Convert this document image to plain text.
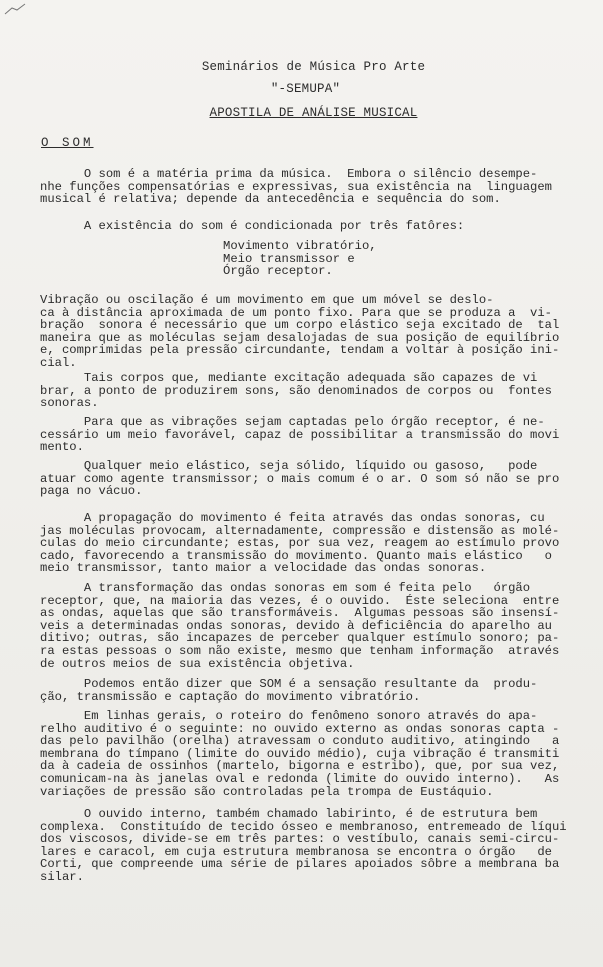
Seminários de Música Pro Arte
"-SEMUPA"
APOSTILA DE ANÁLISE MUSICAL
O SOM
O som é a matéria prima da música.  Embora o silêncio desempe-
nhe funções compensatórias e expressivas, sua existência na  linguagem
musical é relativa; depende da antecedência e sequência do som.
A existência do som é condicionada por três fatôres:
Movimento vibratório,
Meio transmissor e
Órgão receptor.
Vibração ou oscilação é um movimento em que um móvel se deslo-
ca à distância aproximada de um ponto fixo. Para que se produza a  vi-
bração  sonora é necessário que um corpo elástico seja excitado de  tal
maneira que as moléculas sejam desalojadas de sua posição de equilíbrio
e, comprimidas pela pressão circundante, tendam a voltar à posição ini-
cial.
Tais corpos que, mediante excitação adequada são capazes de vi
brar, a ponto de produzirem sons, são denominados de corpos ou  fontes
sonoras.
Para que as vibrações sejam captadas pelo órgão receptor, é ne-
cessário um meio favorável, capaz de possibilitar a transmissão do movi
mento.
Qualquer meio elástico, seja sólido, líquido ou gasoso,   pode
atuar como agente transmissor; o mais comum é o ar. O som só não se pro
paga no vácuo.
A propagação do movimento é feita através das ondas sonoras, cu
jas moléculas provocam, alternadamente, compressão e distensão as molé-
culas do meio circundante; estas, por sua vez, reagem ao estímulo provo
cado, favorecendo a transmissão do movimento. Quanto mais elástico   o
meio transmissor, tanto maior a velocidade das ondas sonoras.
A transformação das ondas sonoras em som é feita pelo   órgão
receptor, que, na maioria das vezes, é o ouvido.  Éste seleciona  entre
as ondas, aquelas que são transformáveis.  Algumas pessoas são insensí-
veis a determinadas ondas sonoras, devido à deficiência do aparelho au
ditivo; outras, são incapazes de perceber qualquer estímulo sonoro; pa-
ra estas pessoas o som não existe, mesmo que tenham informação  através
de outros meios de sua existência objetiva.
Podemos então dizer que SOM é a sensação resultante da  produ-
ção, transmissão e captação do movimento vibratório.
Em linhas gerais, o roteiro do fenômeno sonoro através do apa-
relho auditivo é o seguinte: no ouvido externo as ondas sonoras capta -
das pelo pavilhão (orelha) atravessam o conduto auditivo, atingindo   a
membrana do tímpano (limite do ouvido médio), cuja vibração é transmiti
da à cadeia de ossinhos (martelo, bigorna e estribo), que, por sua vez,
comunicam-na às janelas oval e redonda (limite do ouvido interno).   As
variações de pressão são controladas pela trompa de Eustáquio.
O ouvido interno, também chamado labirinto, é de estrutura bem
complexa.  Constituído de tecido ósseo e membranoso, entremeado de líqui
dos viscosos, divide-se em três partes: o vestíbulo, canais semi-circu-
lares e caracol, em cuja estrutura membranosa se encontra o órgão   de
Corti, que compreende uma série de pilares apoiados sôbre a membrana ba
silar.
